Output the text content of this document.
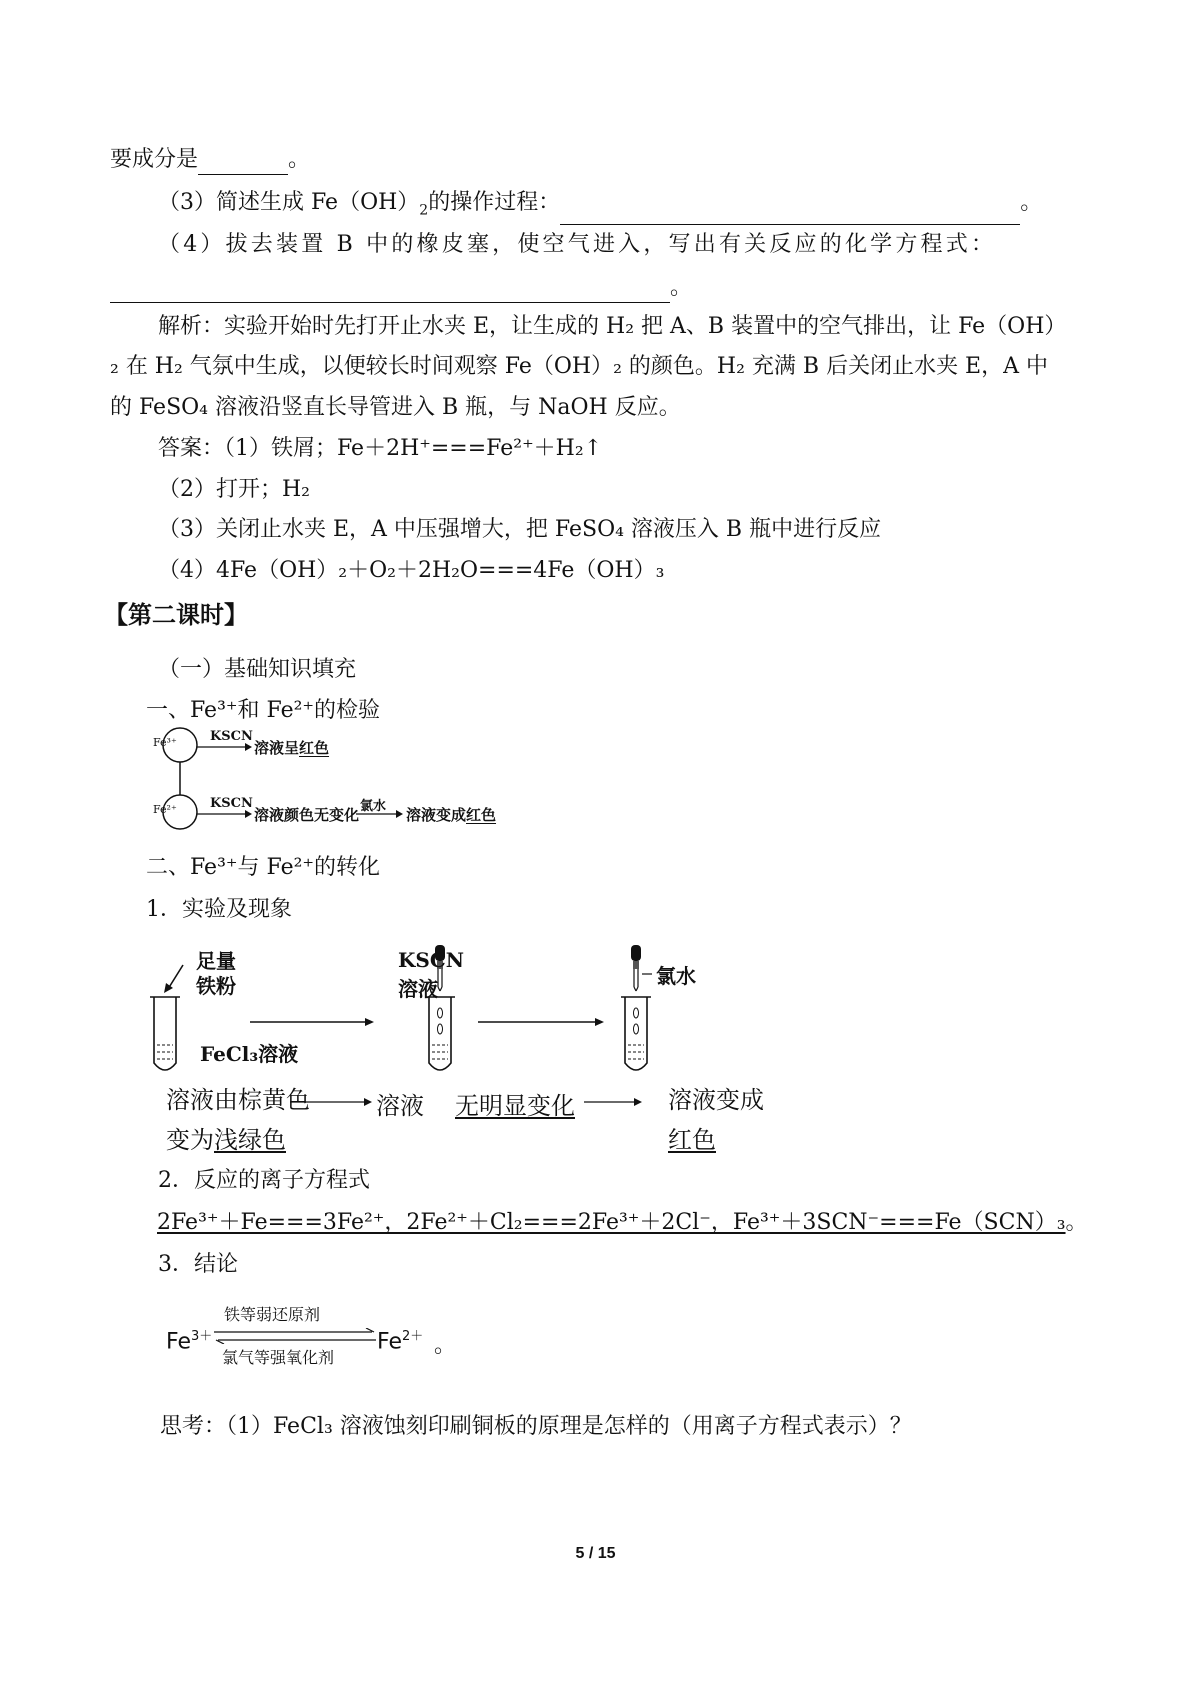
要成分是	。
（3）简述生成 $Fe(OH)_2$的操作过程：	。
（4）拔去装置 B 中的橡皮塞，使空气进入，写出有关反应的化学方程式：
。
解析：实验开始时先打开止水夹 E，让生成的 H₂ 把 A、B 装置中的空气排出，让 Fe（OH）
₂ 在 H₂ 气氛中生成，以便较长时间观察 Fe（OH）₂ 的颜色。H₂ 充满 B 后关闭止水夹 E，A 中
的 FeSO₄ 溶液沿竖直长导管进入 B 瓶，与 NaOH 反应。
答案：（1）铁屑；Fe＋2H⁺===Fe²⁺＋H₂↑
（2）打开；H₂
（3）关闭止水夹 E，A 中压强增大，把 FeSO₄ 溶液压入 B 瓶中进行反应
（4）4Fe（OH）₂＋O₂＋2H₂O===4Fe（OH）₃
【第二课时】
（一）基础知识填充
一、Fe³⁺和 Fe²⁺的检验
Fe³⁺
Fe²⁺
KSCN
KSCN
溶液呈红色
溶液颜色无变化 氯水 溶液变成红色
二、Fe³⁺与 Fe²⁺的转化
1．实验及现象
足量
铁粉
FeCl₃溶液
KSCN
溶液
氯水
溶液由棕黄色
变为浅绿色
溶液 无明显变化	溶液变成
红色
2．反应的离子方程式
2Fe³⁺＋Fe===3Fe²⁺，2Fe²⁺＋Cl₂===2Fe³⁺＋2Cl⁻，Fe³⁺＋3SCN⁻===Fe（SCN）₃。
3．结论
$Fe^{3+}$
铁等弱还原剂
氯气等强氧化剂
$Fe^{2+}$ 。
思考：（1）FeCl₃ 溶液蚀刻印刷铜板的原理是怎样的（用离子方程式表示）？
5 / 15
